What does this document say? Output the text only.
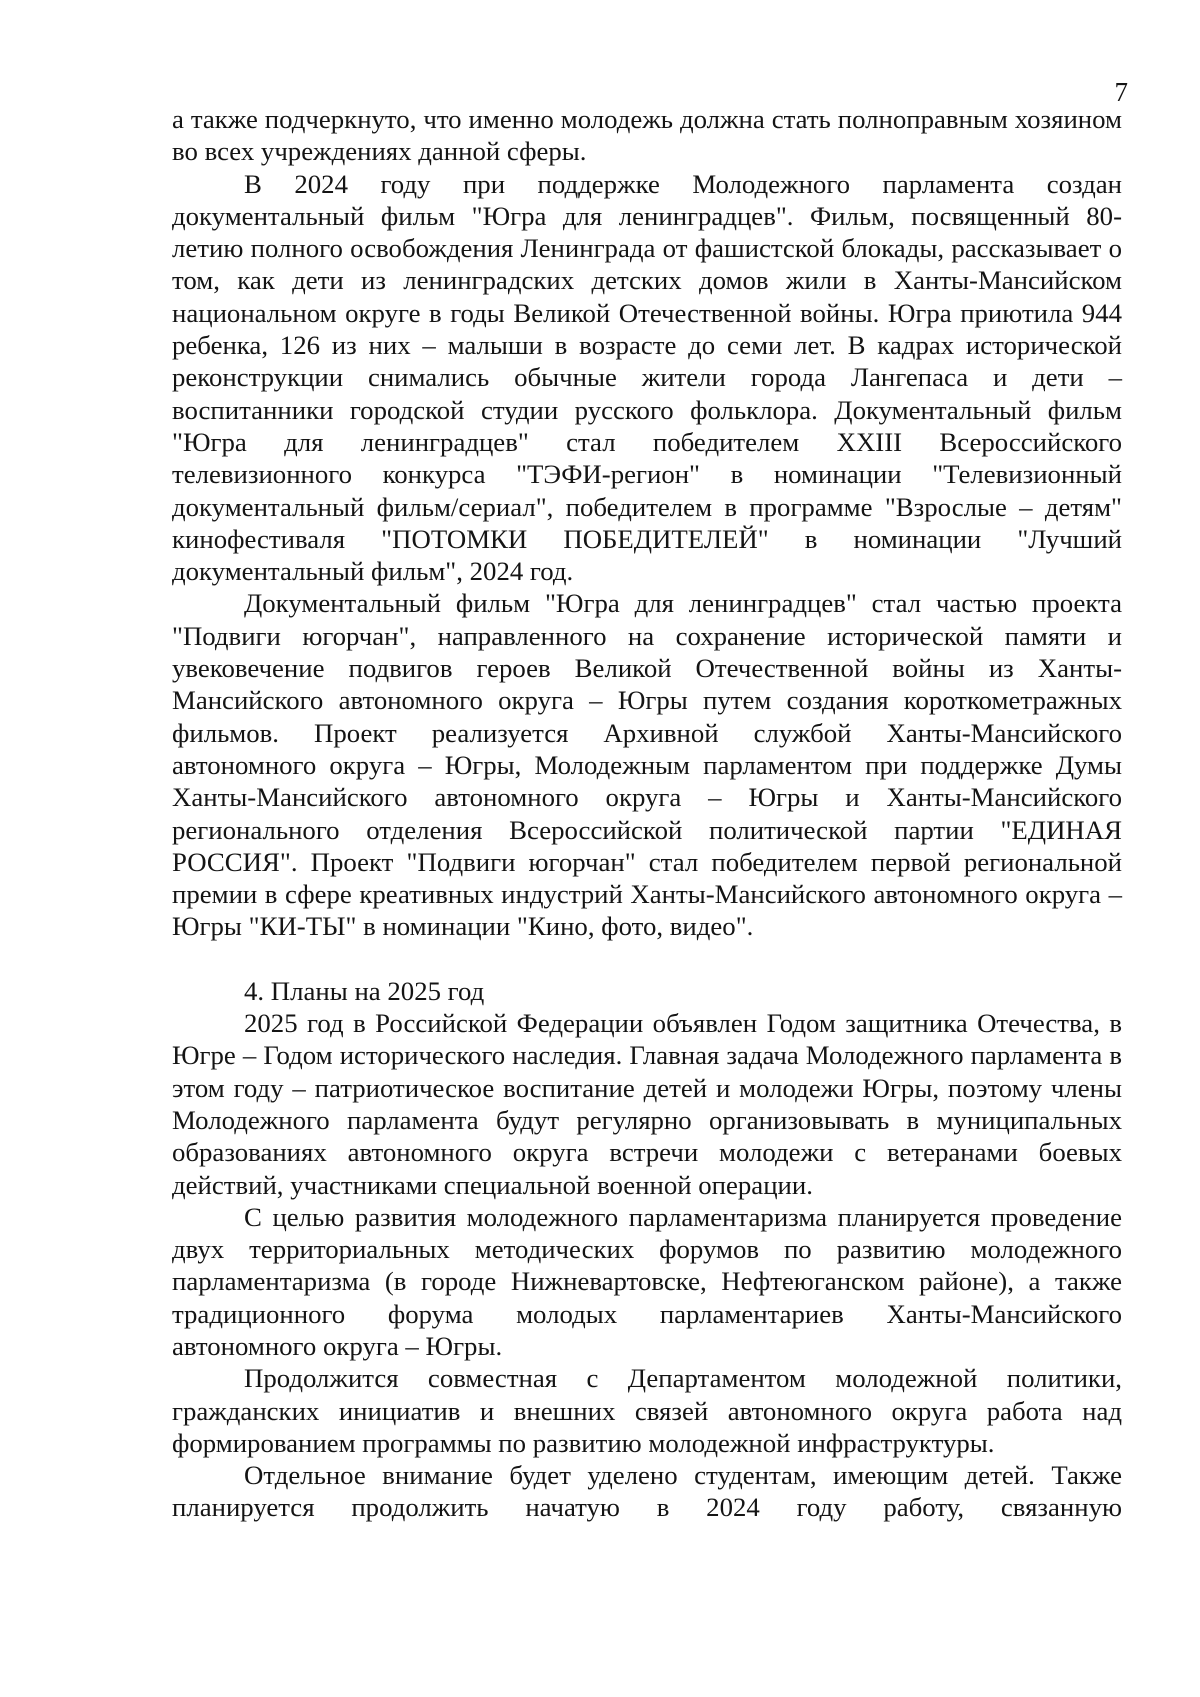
7

а также подчеркнуто, что именно молодежь должна стать полноправным хозяином во всех учреждениях данной сферы.

В 2024 году при поддержке Молодежного парламента создан документальный фильм "Югра для ленинградцев". Фильм, посвященный 80-летию полного освобождения Ленинграда от фашистской блокады, рассказывает о том, как дети из ленинградских детских домов жили в Ханты-Мансийском национальном округе в годы Великой Отечественной войны. Югра приютила 944 ребенка, 126 из них – малыши в возрасте до семи лет. В кадрах исторической реконструкции снимались обычные жители города Лангепаса и дети – воспитанники городской студии русского фольклора. Документальный фильм "Югра для ленинградцев" стал победителем XXIII Всероссийского телевизионного конкурса "ТЭФИ-регион" в номинации "Телевизионный документальный фильм/сериал", победителем в программе "Взрослые – детям" кинофестиваля "ПОТОМКИ ПОБЕДИТЕЛЕЙ" в номинации "Лучший документальный фильм", 2024 год.

Документальный фильм "Югра для ленинградцев" стал частью проекта "Подвиги югорчан", направленного на сохранение исторической памяти и увековечение подвигов героев Великой Отечественной войны из Ханты-Мансийского автономного округа – Югры путем создания короткометражных фильмов. Проект реализуется Архивной службой Ханты-Мансийского автономного округа – Югры, Молодежным парламентом при поддержке Думы Ханты-Мансийского автономного округа – Югры и Ханты-Мансийского регионального отделения Всероссийской политической партии "ЕДИНАЯ РОССИЯ". Проект "Подвиги югорчан" стал победителем первой региональной премии в сфере креативных индустрий Ханты-Мансийского автономного округа – Югры "КИ-ТЫ" в номинации "Кино, фото, видео".

4. Планы на 2025 год

2025 год в Российской Федерации объявлен Годом защитника Отечества, в Югре – Годом исторического наследия. Главная задача Молодежного парламента в этом году – патриотическое воспитание детей и молодежи Югры, поэтому члены Молодежного парламента будут регулярно организовывать в муниципальных образованиях автономного округа встречи молодежи с ветеранами боевых действий, участниками специальной военной операции.

С целью развития молодежного парламентаризма планируется проведение двух территориальных методических форумов по развитию молодежного парламентаризма (в городе Нижневартовске, Нефтеюганском районе), а также традиционного форума молодых парламентариев Ханты-Мансийского автономного округа – Югры.

Продолжится совместная с Департаментом молодежной политики, гражданских инициатив и внешних связей автономного округа работа над формированием программы по развитию молодежной инфраструктуры.

Отдельное внимание будет уделено студентам, имеющим детей. Также планируется продолжить начатую в 2024 году работу, связанную
